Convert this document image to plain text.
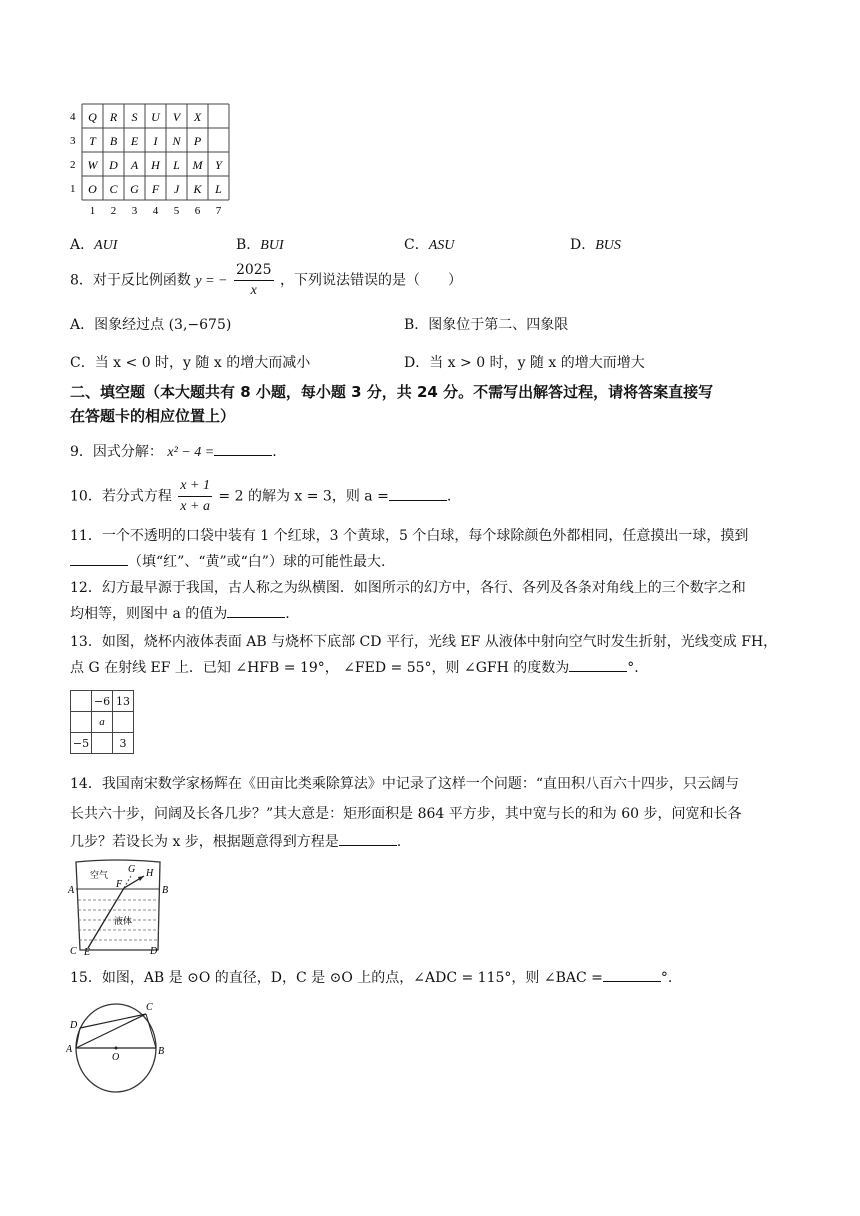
4 Q R S U V X
3 T B E I N P
2 W D A H L M Y
1 O C G F J K L
1 2 3 4 5 6 7
A．AUI	B．BUI	C．ASU	D．BUS
8．对于反比例函数 y = − $\frac{2025}{x}$ ，下列说法错误的是（　　）
A．图象经过点 (3,−675)	B．图象位于第二、四象限
C．当 x < 0 时，y 随 x 的增大而减小	D．当 x > 0 时，y 随 x 的增大而增大
二、填空题（本大题共有 8 小题，每小题 3 分，共 24 分。不需写出解答过程，请将答案直接写
在答题卡的相应位置上）
9．因式分解： x² − 4 =	.
10．若分式方程 $\frac{x + 1}{x + a} = 2$ 的解为 x = 3，则 a =	.
11．一个不透明的口袋中装有 1 个红球，3 个黄球，5 个白球，每个球除颜色外都相同，任意摸出一球，摸到
（填“红”、“黄”或“白”）球的可能性最大.
12．幻方最早源于我国，古人称之为纵横图．如图所示的幻方中，各行、各列及各条对角线上的三个数字之和
均相等，则图中 a 的值为	.
13．如图，烧杯内液体表面 AB 与烧杯下底部 CD 平行，光线 EF 从液体中射向空气时发生折射，光线变成 FH，
点 G 在射线 EF 上．已知 ∠HFB = 19°， ∠FED = 55°，则 ∠GFH 的度数为	°.
	−6	13
	a	
−5		3
14．我国南宋数学家杨辉在《田亩比类乘除算法》中记录了这样一个问题：“直田积八百六十四步，只云阔与
长共六十步，问阔及长各几步？”其大意是：矩形面积是 864 平方步，其中宽与长的和为 60 步，问宽和长各
几步？若设长为 x 步，根据题意得到方程是	.
空气
液体
A	B
C	D
E
F
G H
15．如图，AB 是 ⊙O 的直径，D，C 是 ⊙O 上的点，∠ADC = 115°，则 ∠BAC =	°.
A	B
C
D
O
